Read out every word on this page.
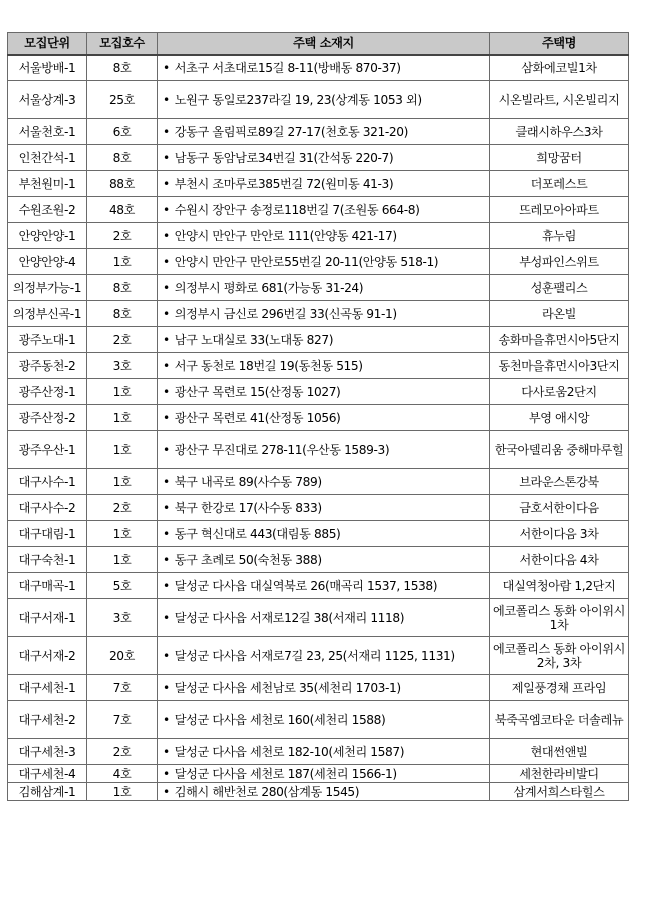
모집단위	모집호수	주택 소재지	주택명
서울방배-1	8호	• 서초구 서초대로15길 8-11(방배동 870-37)	삼화에코빌1차
서울상계-3	25호	• 노원구 동일로237라길 19, 23(상계동 1053 외)	시온빌라트, 시온빌리지
서울천호-1	6호	• 강동구 올림픽로89길 27-17(천호동 321-20)	클래시하우스3차
인천간석-1	8호	• 남동구 동암남로34번길 31(간석동 220-7)	희망꿈터
부천원미-1	88호	• 부천시 조마루로385번길 72(원미동 41-3)	더포레스트
수원조원-2	48호	• 수원시 장안구 송정로118번길 7(조원동 664-8)	뜨레모아아파트
안양안양-1	2호	• 안양시 만안구 만안로 111(안양동 421-17)	휴누림
안양안양-4	1호	• 안양시 만안구 만안로55번길 20-11(안양동 518-1)	부성파인스위트
의정부가능-1	8호	• 의정부시 평화로 681(가능동 31-24)	성훈팰리스
의정부신곡-1	8호	• 의정부시 금신로 296번길 33(신곡동 91-1)	라온빌
광주노대-1	2호	• 남구 노대실로 33(노대동 827)	송화마을휴먼시아5단지
광주동천-2	3호	• 서구 동천로 18번길 19(동천동 515)	동천마을휴먼시아3단지
광주산정-1	1호	• 광산구 목련로 15(산정동 1027)	다사로움2단지
광주산정-2	1호	• 광산구 목련로 41(산정동 1056)	부영 애시앙
광주우산-1	1호	• 광산구 무진대로 278-11(우산동 1589-3)	한국아델리움 중해마루힐
대구사수-1	1호	• 북구 내곡로 89(사수동 789)	브라운스톤강북
대구사수-2	2호	• 북구 한강로 17(사수동 833)	금호서한이다음
대구대림-1	1호	• 동구 혁신대로 443(대림동 885)	서한이다음 3차
대구숙천-1	1호	• 동구 초례로 50(숙천동 388)	서한이다음 4차
대구매곡-1	5호	• 달성군 다사읍 대실역북로 26(매곡리 1537, 1538)	대실역청아람 1,2단지
대구서재-1	3호	• 달성군 다사읍 서재로12길 38(서재리 1118)	에코폴리스 동화 아이위시 1차
대구서재-2	20호	• 달성군 다사읍 서재로7길 23, 25(서재리 1125, 1131)	에코폴리스 동화 아이위시 2차, 3차
대구세천-1	7호	• 달성군 다사읍 세천남로 35(세천리 1703-1)	제일풍경채 프라임
대구세천-2	7호	• 달성군 다사읍 세천로 160(세천리 1588)	북죽곡엠코타운 더솔레뉴
대구세천-3	2호	• 달성군 다사읍 세천로 182-10(세천리 1587)	현대썬앤빌
대구세천-4	4호	• 달성군 다사읍 세천로 187(세천리 1566-1)	세천한라비발디
김해삼계-1	1호	• 김해시 해반천로 280(삼계동 1545)	삼계서희스타힐스
